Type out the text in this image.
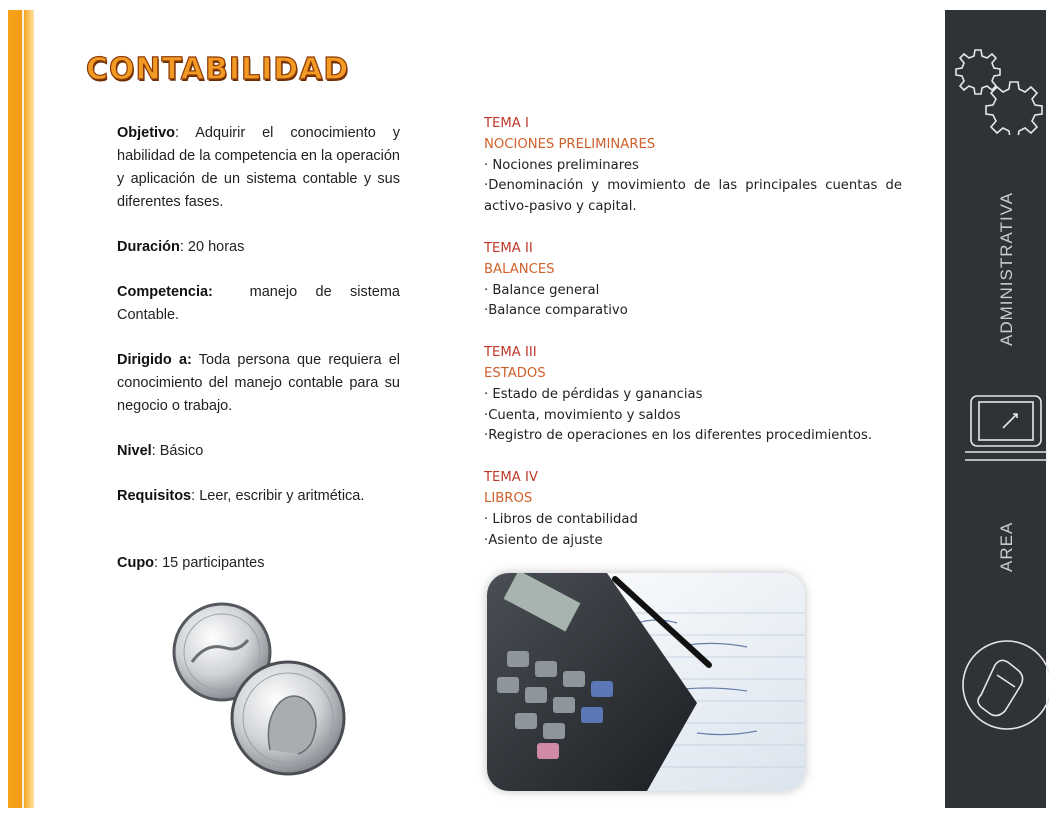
ADMINISTRATIVA
AREA
CONTABILIDAD

Objetivo: Adquirir el conocimiento y habilidad de la competencia en la operación y aplicación de un sistema contable y sus diferentes fases.

Duración: 20 horas

Competencia:	manejo de sistema Contable.

Dirigido a: Toda persona que requiera el conocimiento del manejo contable para su negocio o trabajo.

Nivel: Básico

Requisitos: Leer, escribir y aritmética.

Cupo: 15 participantes

TEMA I
NOCIONES PRELIMINARES
· Nociones preliminares
·Denominación y movimiento de las principales cuentas de activo-pasivo y capital.
TEMA II
BALANCES
· Balance general
·Balance comparativo
TEMA III
ESTADOS
· Estado de pérdidas y ganancias
·Cuenta, movimiento y saldos
·Registro de operaciones en los diferentes procedimientos.
TEMA IV
LIBROS
· Libros de contabilidad
·Asiento de ajuste
